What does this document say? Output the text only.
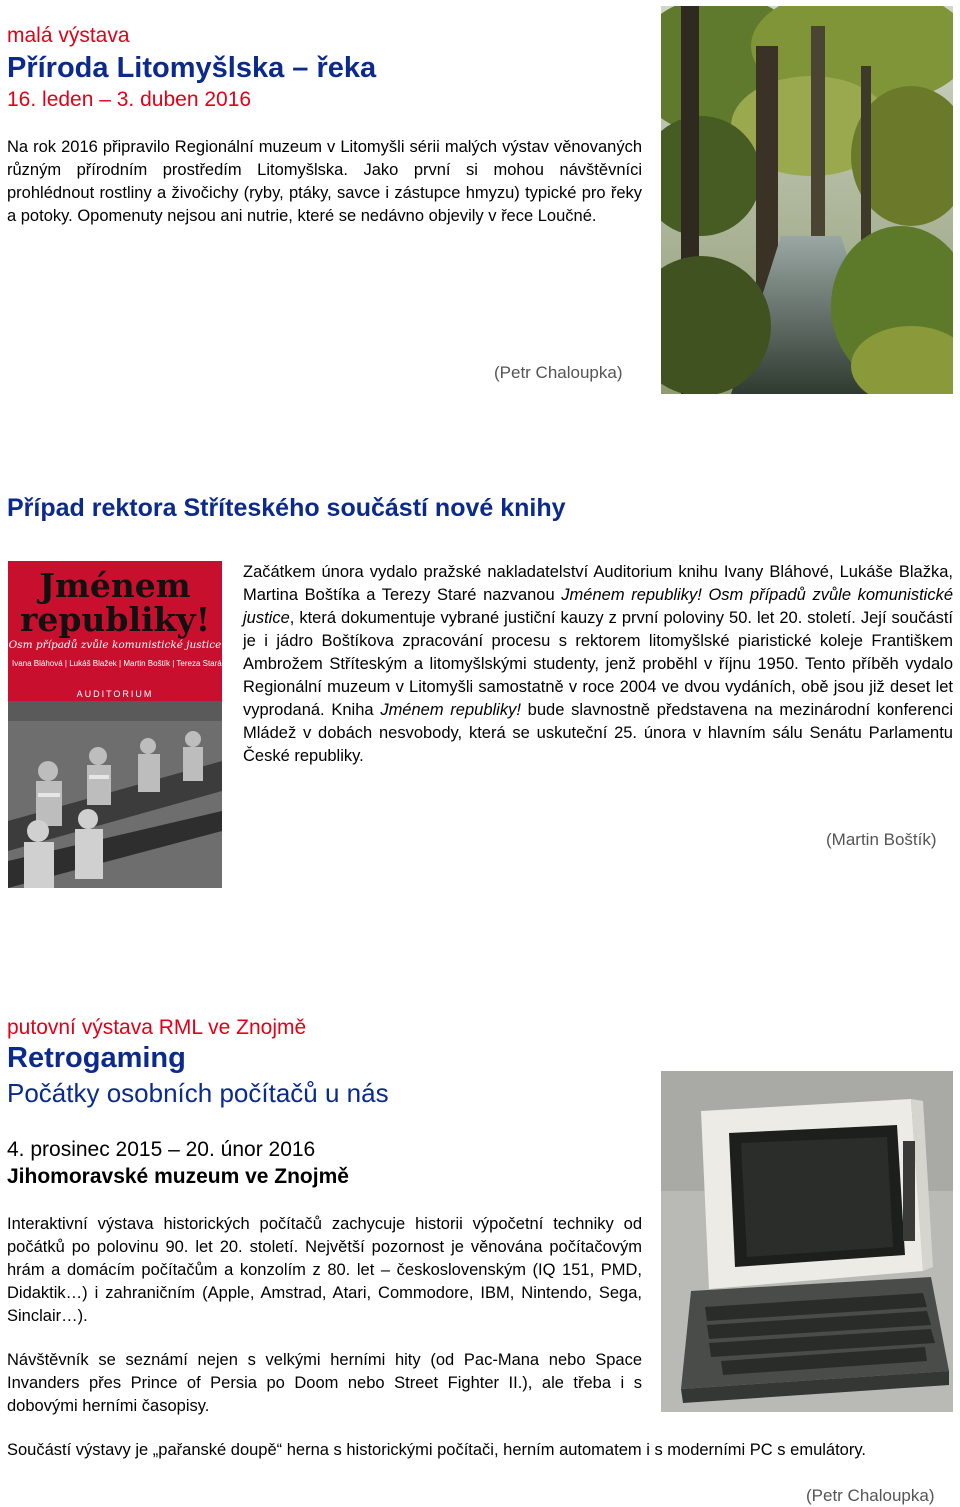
malá výstava
Příroda Litomyšlska – řeka
16. leden – 3. duben 2016
Na rok 2016 připravilo Regionální muzeum v Litomyšli sérii malých výstav věnovaných různým přírodním prostředím Litomyšlska. Jako první si mohou návštěvníci prohlédnout rostliny a živočichy (ryby, ptáky, savce i zástupce hmyzu) typické pro řeky a potoky. Opomenuty nejsou ani nutrie, které se nedávno objevily v řece Loučné.
(Petr Chaloupka)
Případ rektora Stříteského součástí nové knihy
Jménem
republiky!
Osm případů zvůle komunistické justice
Ivana Bláhová | Lukáš Blažek | Martin Boštík | Tereza Stará
AUDITORIUM
Začátkem února vydalo pražské nakladatelství Auditorium knihu Ivany Bláhové, Lukáše Blažka, Martina Boštíka a Terezy Staré nazvanou Jménem republiky! Osm případů zvůle komunistické justice, která dokumentuje vybrané justiční kauzy z první poloviny 50. let 20. století. Její součástí je i jádro Boštíkova zpracování procesu s rektorem litomyšlské piaristické koleje Františkem Ambrožem Stříteským a litomyšlskými studenty, jenž proběhl v říjnu 1950. Tento příběh vydalo Regionální muzeum v Litomyšli samostatně v roce 2004 ve dvou vydáních, obě jsou již deset let vyprodaná. Kniha Jménem republiky! bude slavnostně představena na mezinárodní konferenci Mládež v dobách nesvobody, která se uskuteční 25. února v hlavním sálu Senátu Parlamentu České republiky.
(Martin Boštík)
putovní výstava RML ve Znojmě
Retrogaming
Počátky osobních počítačů u nás
4. prosinec 2015 – 20. únor 2016
Jihomoravské muzeum ve Znojmě
Interaktivní výstava historických počítačů zachycuje historii výpočetní techniky od počátků po polovinu 90. let 20. století. Největší pozornost je věnována počítačovým hrám a domácím počítačům a konzolím z 80. let – československým (IQ 151, PMD, Didaktik…) i zahraničním (Apple, Amstrad, Atari, Commodore, IBM, Nintendo, Sega, Sinclair…).
Návštěvník se seznámí nejen s velkými herními hity (od Pac-Mana nebo Space Invanders přes Prince of Persia po Doom nebo Street Fighter II.), ale třeba i s dobovými herními časopisy.
Součástí výstavy je „pařanské doupě“ herna s historickými počítači, herním automatem i s moderními PC s emulátory.
(Petr Chaloupka)
